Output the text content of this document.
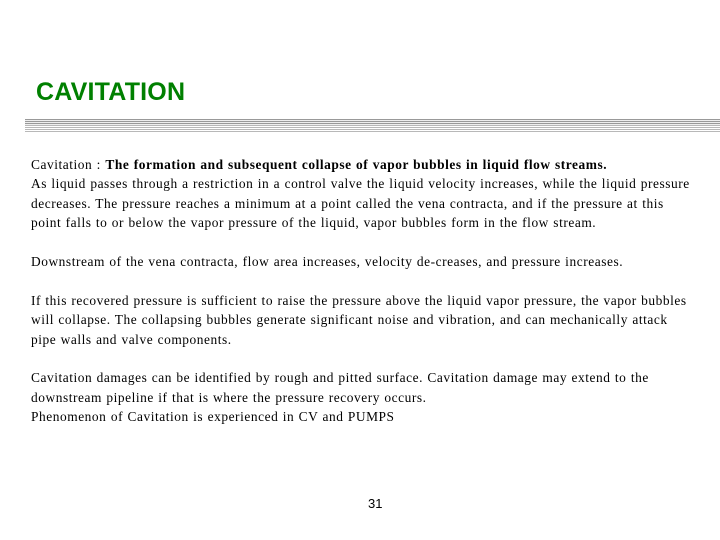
CAVITATION
Cavitation : The formation and subsequent collapse of vapor bubbles in liquid flow streams.
As liquid passes through a restriction in a control valve the liquid velocity increases, while the liquid pressure decreases. The pressure reaches a minimum at a point called the vena contracta, and if the pressure at this point falls to or below the vapor pressure of the liquid, vapor bubbles form in the flow stream.
Downstream of the vena contracta, flow area increases, velocity de-creases, and pressure increases.
If this recovered pressure is sufficient to raise the pressure above the liquid vapor pressure, the vapor bubbles will collapse. The collapsing bubbles generate significant noise and vibration, and can mechanically attack pipe walls and valve components.
Cavitation damages can be identified by rough and pitted surface. Cavitation damage may extend to the downstream pipeline if that is where the pressure recovery occurs.
Phenomenon of Cavitation is experienced in CV and PUMPS
31
